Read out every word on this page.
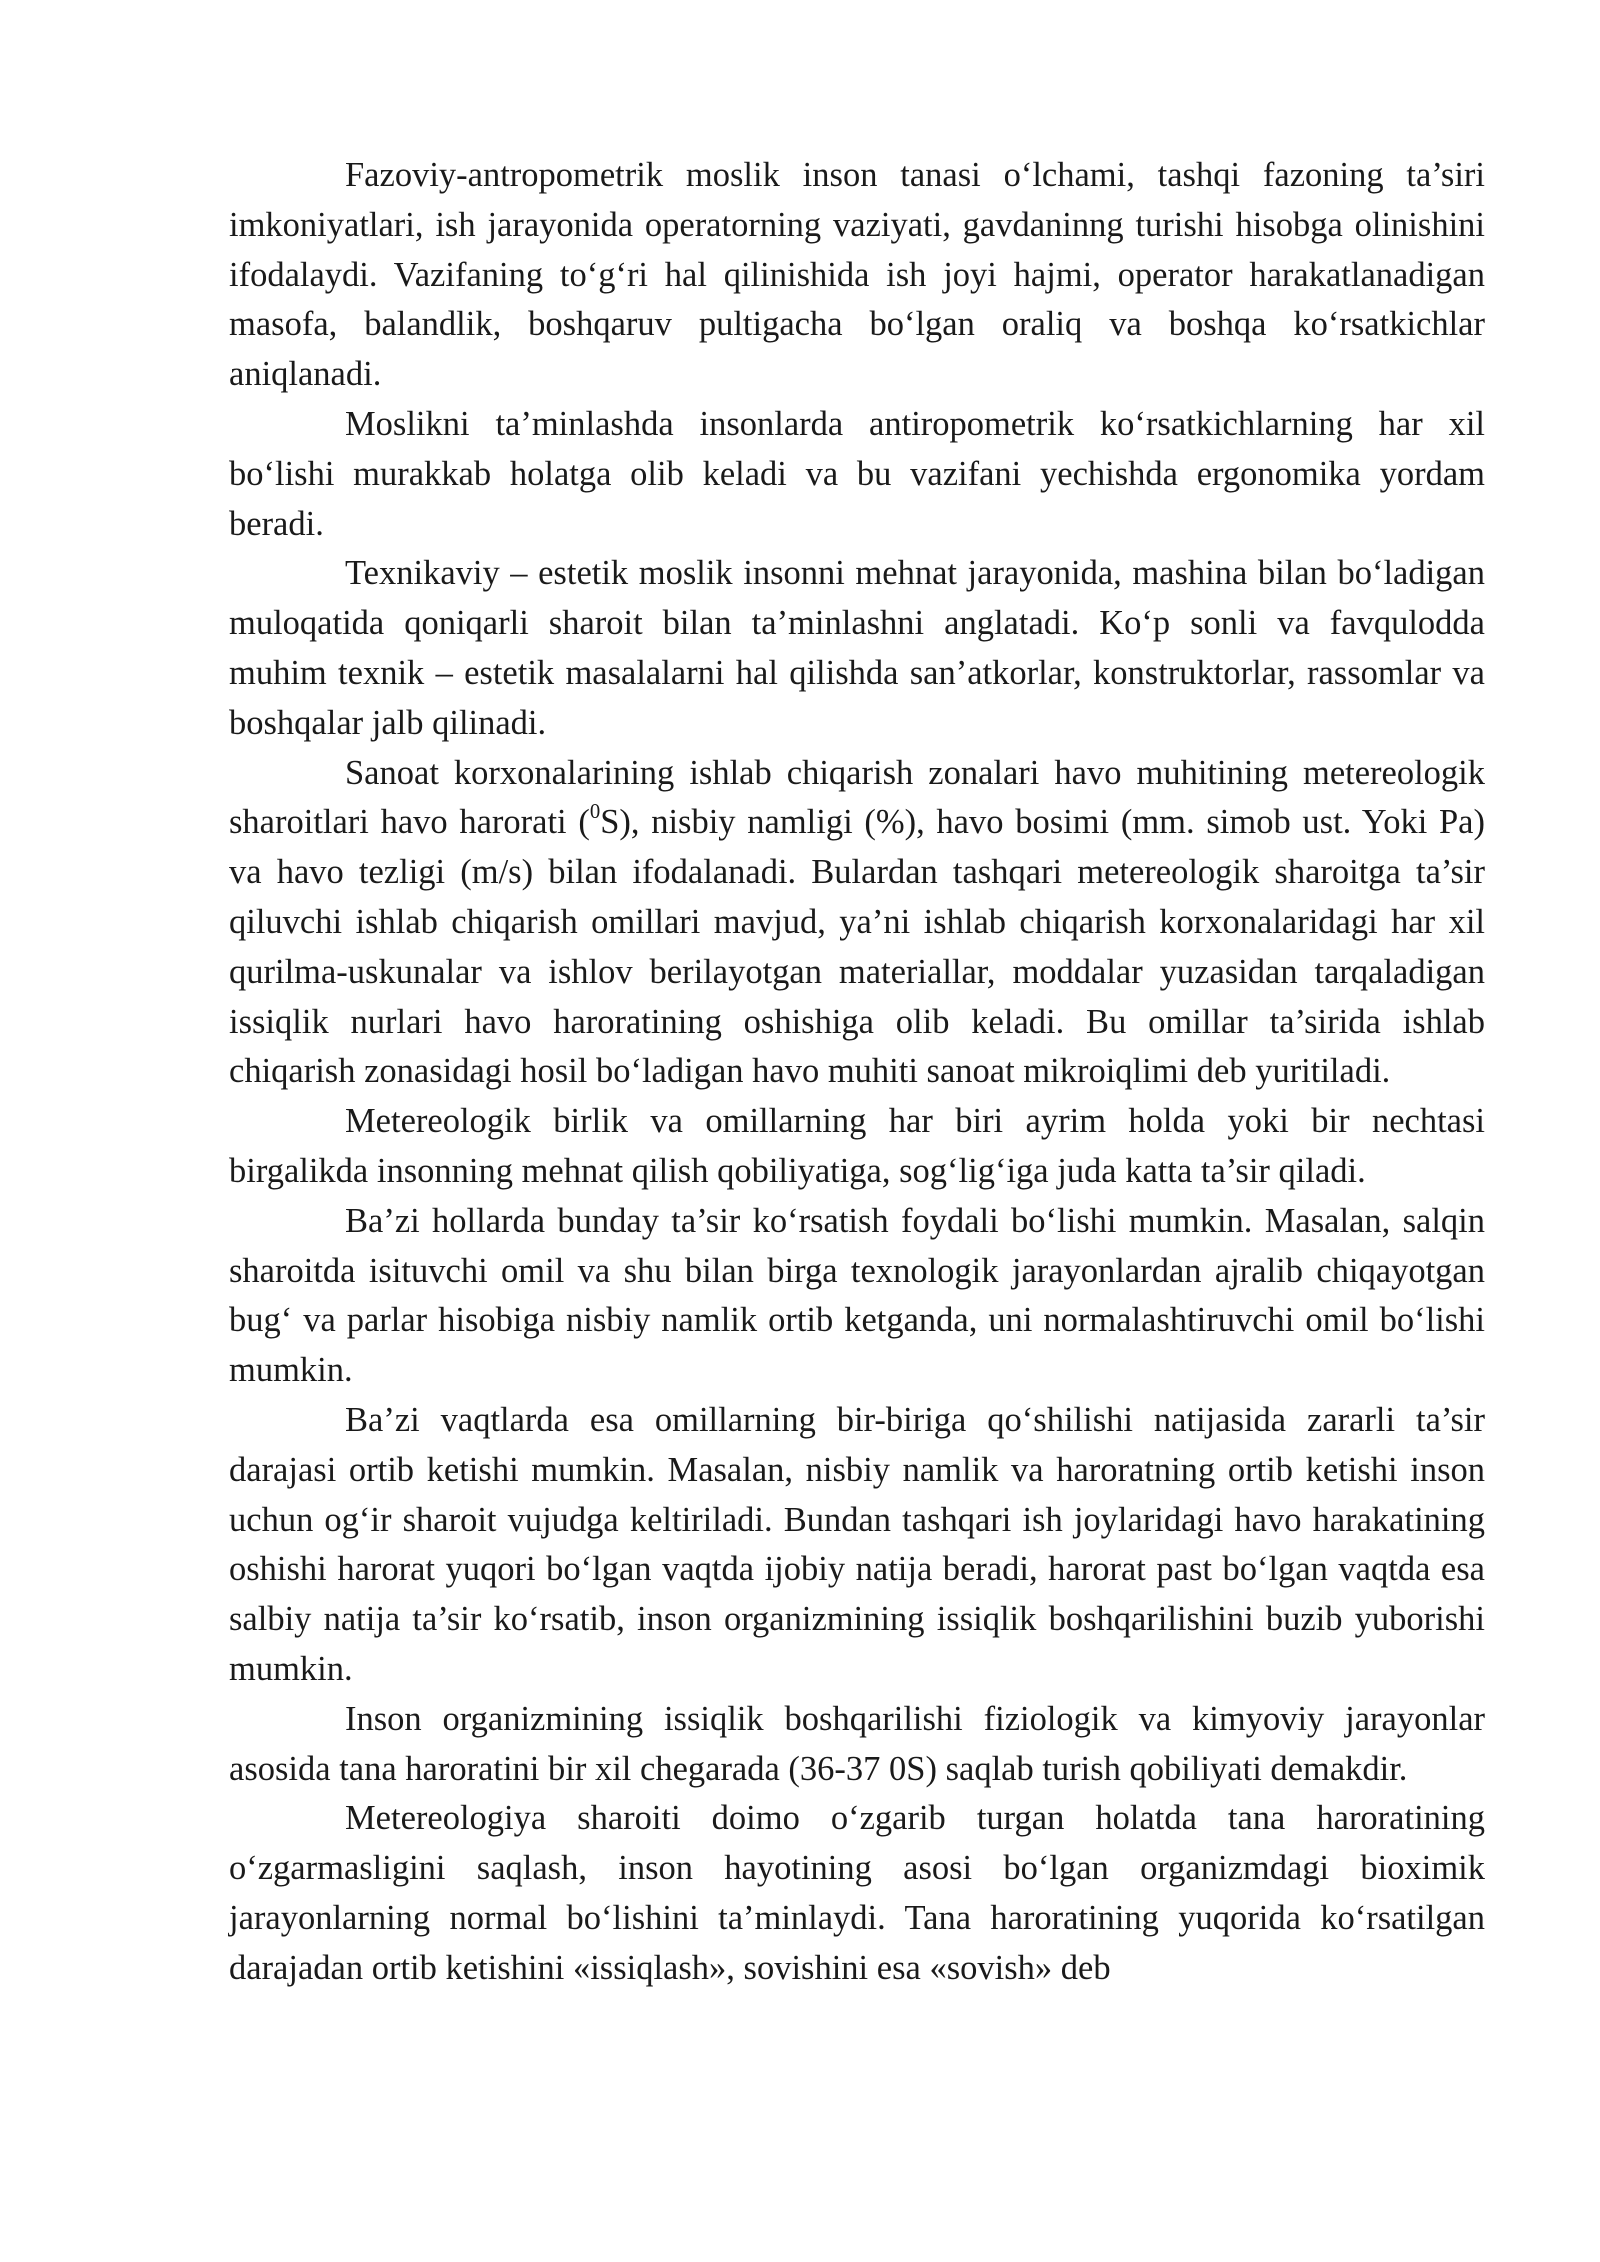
Fazoviy-antropometrik moslik inson tanasi o‘lchami, tashqi fazoning ta’siri imkoniyatlari, ish jarayonida operatorning vaziyati, gavdaninng turishi hisobga olinishini ifodalaydi. Vazifaning to‘g‘ri hal qilinishida ish joyi hajmi, operator harakatlanadigan masofa, balandlik, boshqaruv pultigacha bo‘lgan oraliq va boshqa ko‘rsatkichlar aniqlanadi.

Moslikni ta’minlashda insonlarda antiropometrik ko‘rsatkichlarning har xil bo‘lishi murakkab holatga olib keladi va bu vazifani yechishda ergonomika yordam beradi.

Texnikaviy – estetik moslik insonni mehnat jarayonida, mashina bilan bo‘ladigan muloqatida qoniqarli sharoit bilan ta’minlashni anglatadi. Ko‘p sonli va favqulodda muhim texnik – estetik masalalarni hal qilishda san’atkorlar, konstruktorlar, rassomlar va boshqalar jalb qilinadi.

Sanoat korxonalarining ishlab chiqarish zonalari havo muhitining metereologik sharoitlari havo harorati ($^0$S), nisbiy namligi (%), havo bosimi (mm. simob ust. Yoki Pa) va havo tezligi (m/s) bilan ifodalanadi. Bulardan tashqari metereologik sharoitga ta’sir qiluvchi ishlab chiqarish omillari mavjud, ya’ni ishlab chiqarish korxonalaridagi har xil qurilma-uskunalar va ishlov berilayotgan materiallar, moddalar yuzasidan tarqaladigan issiqlik nurlari havo haroratining oshishiga olib keladi. Bu omillar ta’sirida ishlab chiqarish zonasidagi hosil bo‘ladigan havo muhiti sanoat mikroiqlimi deb yuritiladi.

Metereologik birlik va omillarning har biri ayrim holda yoki bir nechtasi birgalikda insonning mehnat qilish qobiliyatiga, sog‘lig‘iga juda katta ta’sir qiladi.

Ba’zi hollarda bunday ta’sir ko‘rsatish foydali bo‘lishi mumkin. Masalan, salqin sharoitda isituvchi omil va shu bilan birga texnologik jarayonlardan ajralib chiqayotgan bug‘ va parlar hisobiga nisbiy namlik ortib ketganda, uni normalashtiruvchi omil bo‘lishi mumkin.

Ba’zi vaqtlarda esa omillarning bir-biriga qo‘shilishi natijasida zararli ta’sir darajasi ortib ketishi mumkin. Masalan, nisbiy namlik va haroratning ortib ketishi inson uchun og‘ir sharoit vujudga keltiriladi. Bundan tashqari ish joylaridagi havo harakatining oshishi harorat yuqori bo‘lgan vaqtda ijobiy natija beradi, harorat past bo‘lgan vaqtda esa salbiy natija ta’sir ko‘rsatib, inson organizmining issiqlik boshqarilishini buzib yuborishi mumkin.

Inson organizmining issiqlik boshqarilishi fiziologik va kimyoviy jarayonlar asosida tana haroratini bir xil chegarada (36-37 0S) saqlab turish qobiliyati demakdir.

Metereologiya sharoiti doimo o‘zgarib turgan holatda tana haroratining o‘zgarmasligini saqlash, inson hayotining asosi bo‘lgan organizmdagi bioximik jarayonlarning normal bo‘lishini ta’minlaydi. Tana haroratining yuqorida ko‘rsatilgan darajadan ortib ketishini «issiqlash», sovishini esa «sovish» deb
